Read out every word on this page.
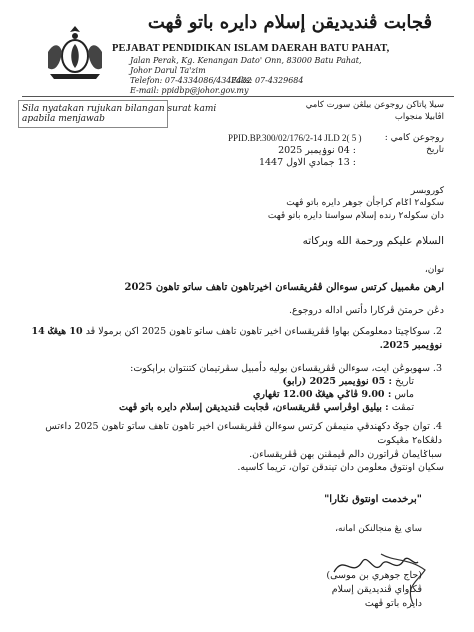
ڤجابت ڤنديديقن إسلام دايره باتو ڤهت
PEJABAT PENDIDIKAN ISLAM DAERAH BATU PAHAT,
Jalan Perak, Kg. Kenangan Dato' Onn, 83000 Batu Pahat,
Johor Darul Ta'zim
Telefon: 07-4334086/4342432
Faks: 07-4329684
E-mail: ppidbp@johor.gov.my
Sila nyatakan rujukan bilangan surat kami
apabila menjawab
سيلا پاتاكن روجوعن بيلڠن سورت كامي
اڤابيلا منجواب
روجوعن كامي :
PPID.BP.300/02/176/2-14 JLD 2( 5 )
تاريخ
: 04 نوۏيمبر 2025
: 13 جمادي الاول 1447
كوروبسر
سكوله٢ اݢام كراجأن جوهر دايره باتو ڤهت
دان سكوله٢ رنده إسلام سواستا دايره باتو ڤهت
السلام عليكم ورحمة الله وبركاته
توان،
ارهن مڠمبيل كرتس سوءالن ڤڤريقساءن اخيرتاهون تاهف ساتو تاهون 2025
دڠن حرمتڽ ڤركارا دأتس اداله دروجوع.
2. سوكاچيتا دمعلومكن بهاوا ڤڤريقساءن اخير تاهون تاهف ساتو تاهون 2025 اكن برمولا ڤد 10 هيڠݢ 14 نوۏيمبر 2025.
3. سهوبوڠن ايت، سوءالن ڤڤريقساءن بوليه دأمبيل سڤرتيمان كتنتوان براٻكوت:
تاريخ : 05 نوۏيمبر 2025 (رابو)
ماس : 9.00 ڤاݢي هيڠݢ 12.00 تڠهاري
تمڤت : بيليق اوڤراسي ڤڤريقساءن، ڤجابت ڤنديديقن إسلام دايره باتو ڤهت
4. توان جوݢ دكهندقي منيمڤن كرتس سوءالن ڤڤريقساءن اخير تاهون تاهف ساتو تاهون 2025 داءتس دلڠكاه٢ مڠيكوت
سباݢايمان ڤراتورن دالم ڤيمڤنن بهن ڤڤريقساءن.
سكيان اونتوق معلومن دان تيندقن توان، تريما كاسيه.
"برخدمت اونتوق نݢارا"
ساي يڠ منجالنكن امانه،
(حاج جوهري بن موسى)
ڤڬاواي ڤنديديقن إسلام
دايره باتو ڤهت
